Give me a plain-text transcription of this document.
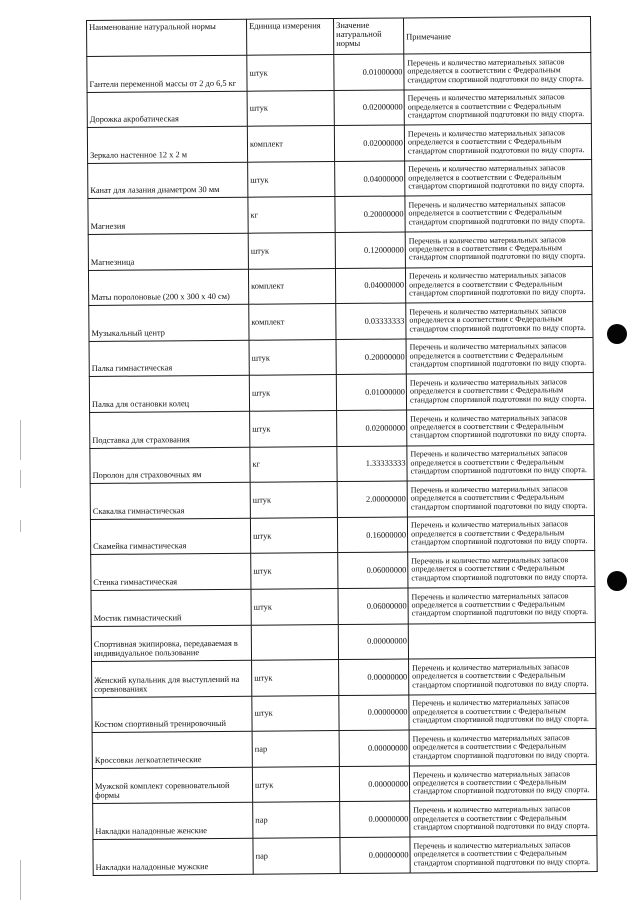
Наименование натуральной нормы	Единица измерения	Значение натуральной нормы	Примечание
Гантели переменной массы от 2 до 6,5 кг	штук	0.01000000	Перечень и количество материальных запасов определяется в соответствии с Федеральным стандартом спортивной подготовки по виду спорта.
Дорожка акробатическая	штук	0.02000000	Перечень и количество материальных запасов определяется в соответствии с Федеральным стандартом спортивной подготовки по виду спорта.
Зеркало настенное 12 х 2 м	комплект	0.02000000	Перечень и количество материальных запасов определяется в соответствии с Федеральным стандартом спортивной подготовки по виду спорта.
Канат для лазания диаметром 30 мм	штук	0.04000000	Перечень и количество материальных запасов определяется в соответствии с Федеральным стандартом спортивной подготовки по виду спорта.
Магнезия	кг	0.20000000	Перечень и количество материальных запасов определяется в соответствии с Федеральным стандартом спортивной подготовки по виду спорта.
Магнезница	штук	0.12000000	Перечень и количество материальных запасов определяется в соответствии с Федеральным стандартом спортивной подготовки по виду спорта.
Маты поролоновые (200 х 300 х 40 см)	комплект	0.04000000	Перечень и количество материальных запасов определяется в соответствии с Федеральным стандартом спортивной подготовки по виду спорта.
Музыкальный центр	комплект	0.03333333	Перечень и количество материальных запасов определяется в соответствии с Федеральным стандартом спортивной подготовки по виду спорта.
Палка гимнастическая	штук	0.20000000	Перечень и количество материальных запасов определяется в соответствии с Федеральным стандартом спортивной подготовки по виду спорта.
Палка для остановки колец	штук	0.01000000	Перечень и количество материальных запасов определяется в соответствии с Федеральным стандартом спортивной подготовки по виду спорта.
Подставка для страхования	штук	0.02000000	Перечень и количество материальных запасов определяется в соответствии с Федеральным стандартом спортивной подготовки по виду спорта.
Поролон для страховочных ям	кг	1.33333333	Перечень и количество материальных запасов определяется в соответствии с Федеральным стандартом спортивной подготовки по виду спорта.
Скакалка гимнастическая	штук	2.00000000	Перечень и количество материальных запасов определяется в соответствии с Федеральным стандартом спортивной подготовки по виду спорта.
Скамейка гимнастическая	штук	0.16000000	Перечень и количество материальных запасов определяется в соответствии с Федеральным стандартом спортивной подготовки по виду спорта.
Стенка гимнастическая	штук	0.06000000	Перечень и количество материальных запасов определяется в соответствии с Федеральным стандартом спортивной подготовки по виду спорта.
Мостик гимнастический	штук	0.06000000	Перечень и количество материальных запасов определяется в соответствии с Федеральным стандартом спортивной подготовки по виду спорта.
Спортивная экипировка, передаваемая в индивидуальное пользование		0.00000000	
Женский купальник для выступлений на соревнованиях	штук	0.00000000	Перечень и количество материальных запасов определяется в соответствии с Федеральным стандартом спортивной подготовки по виду спорта.
Костюм спортивный тренировочный	штук	0.00000000	Перечень и количество материальных запасов определяется в соответствии с Федеральным стандартом спортивной подготовки по виду спорта.
Кроссовки легкоатлетические	пар	0.00000000	Перечень и количество материальных запасов определяется в соответствии с Федеральным стандартом спортивной подготовки по виду спорта.
Мужской комплект соревновательной формы	штук	0.00000000	Перечень и количество материальных запасов определяется в соответствии с Федеральным стандартом спортивной подготовки по виду спорта.
Накладки наладонные женские	пар	0.00000000	Перечень и количество материальных запасов определяется в соответствии с Федеральным стандартом спортивной подготовки по виду спорта.
Накладки наладонные мужские	пар	0.00000000	Перечень и количество материальных запасов определяется в соответствии с Федеральным стандартом спортивной подготовки по виду спорта.
